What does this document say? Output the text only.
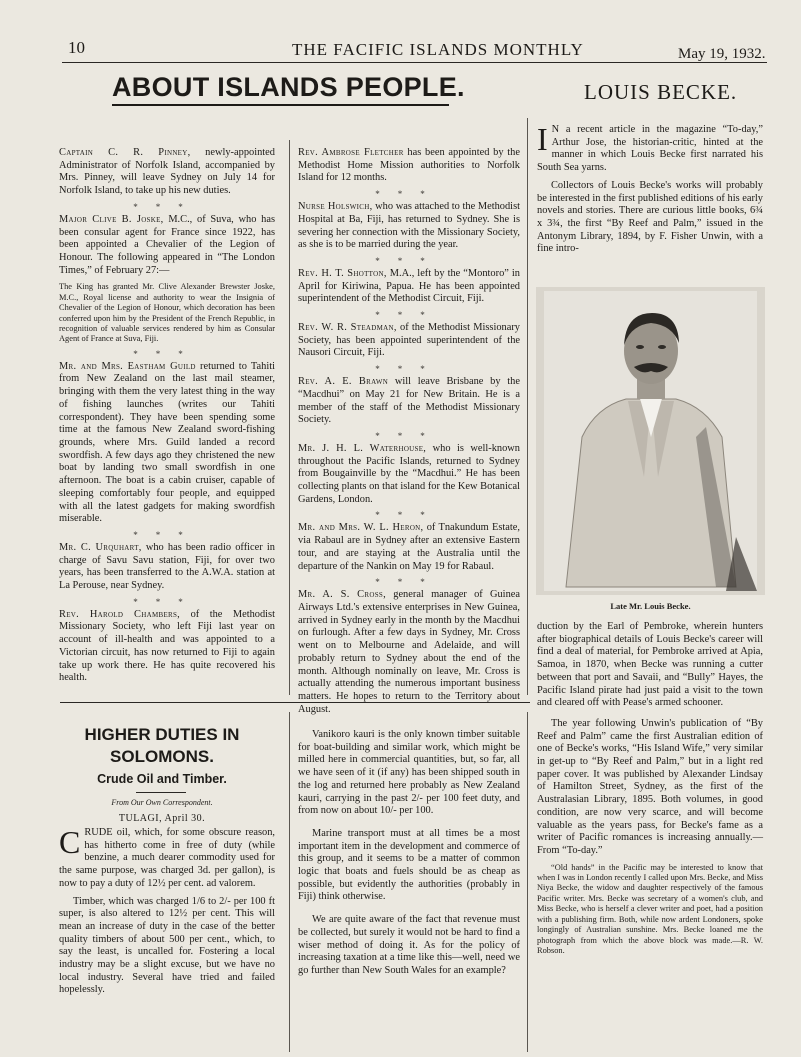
10	THE FACIFIC ISLANDS MONTHLY	May 19, 1932.
ABOUT ISLANDS PEOPLE.	LOUIS BECKE.

Captain C. R. Pinney, newly-appointed Administrator of Norfolk Island, accompanied by Mrs. Pinney, will leave Sydney on July 14 for Norfolk Island, to take up his new duties.

***

Major Clive B. Joske, M.C., of Suva, who has been consular agent for France since 1922, has been appointed a Chevalier of the Legion of Honour. The following appeared in “The London Times,” of February 27:—

The King has granted Mr. Clive Alexander Brewster Joske, M.C., Royal license and authority to wear the Insignia of Chevalier of the Legion of Honour, which decoration has been conferred upon him by the President of the French Republic, in recognition of valuable services rendered by him as Consular Agent of France at Suva, Fiji.

***

Mr. and Mrs. Eastham Guild returned to Tahiti from New Zealand on the last mail steamer, bringing with them the very latest thing in the way of fishing launches (writes our Tahiti correspondent). They have been spending some time at the famous New Zealand sword-fishing grounds, where Mrs. Guild landed a record swordfish. A few days ago they christened the new boat by landing two small swordfish in one afternoon. The boat is a cabin cruiser, capable of sleeping comfortably four people, and equipped with all the latest gadgets for making swordfish miserable.

***

Mr. C. Urquhart, who has been radio officer in charge of Savu Savu station, Fiji, for over two years, has been transferred to the A.W.A. station at La Perouse, near Sydney.

***

Rev. Harold Chambers, of the Methodist Missionary Society, who left Fiji last year on account of ill-health and was appointed to a Victorian circuit, has now returned to Fiji to again take up work there. He has quite recovered his health.

Rev. Ambrose Fletcher has been appointed by the Methodist Home Mission authorities to Norfolk Island for 12 months.

***

Nurse Holswich, who was attached to the Methodist Hospital at Ba, Fiji, has returned to Sydney. She is severing her connection with the Missionary Society, as she is to be married during the year.

***

Rev. H. T. Shotton, M.A., left by the “Montoro” in April for Kiriwina, Papua. He has been appointed superintendent of the Methodist Circuit, Fiji.

***

Rev. W. R. Steadman, of the Methodist Missionary Society, has been appointed superintendent of the Nausori Circuit, Fiji.

***

Rev. A. E. Brawn will leave Brisbane by the “Macdhui” on May 21 for New Britain. He is a member of the staff of the Methodist Missionary Society.

***

Mr. J. H. L. Waterhouse, who is well-known throughout the Pacific Islands, returned to Sydney from Bougainville by the “Macdhui.” He has been collecting plants on that island for the Kew Botanical Gardens, London.

***

Mr. and Mrs. W. L. Heron, of Tnakundum Estate, via Rabaul are in Sydney after an extensive Eastern tour, and are staying at the Australia until the departure of the Nankin on May 19 for Rabaul.

***

Mr. A. S. Cross, general manager of Guinea Airways Ltd.'s extensive enterprises in New Guinea, arrived in Sydney early in the month by the Macdhui on furlough. After a few days in Sydney, Mr. Cross went on to Melbourne and Adelaide, and will probably return to Sydney about the end of the month. Although nominally on leave, Mr. Cross is actually attending the numerous important business matters. He hopes to return to the Territory about August.

I N a recent article in the magazine “To-day,” Arthur Jose, the historian-critic, hinted at the manner in which Louis Becke first narrated his South Sea yarns.

Collectors of Louis Becke's works will probably be interested in the first published editions of his early novels and stories. There are curious little books, 6¾ x 3¾, the first “By Reef and Palm,” issued in the Antonym Library, 1894, by F. Fisher Unwin, with a fine intro-

Late Mr. Louis Becke.

duction by the Earl of Pembroke, wherein hunters after biographical details of Louis Becke's career will find a deal of material, for Pembroke arrived at Apia, Samoa, in 1870, when Becke was running a cutter between that port and Savaii, and “Bully” Hayes, the Pacific Island pirate had just paid a visit to the town and cleared off with Pease's armed schooner.

The year following Unwin's publication of “By Reef and Palm” came the first Australian edition of one of Becke's works, “His Island Wife,” very similar in get-up to “By Reef and Palm,” but in a light red paper cover. It was published by Alexander Lindsay of Hamilton Street, Sydney, as the first of the Australasian Library, 1895. Both volumes, in good condition, are now very scarce, and will become valuable as the years pass, for Becke's fame as a writer of Pacific romances is increasing annually.—From “To-day.”

“Old hands” in the Pacific may be interested to know that when I was in London recently I called upon Mrs. Becke, and Miss Niya Becke, the widow and daughter respectively of the famous Pacific writer. Mrs. Becke was secretary of a women's club, and Miss Becke, who is herself a clever writer and poet, had a position with a publishing firm. Both, while now ardent Londoners, spoke longingly of Australian sunshine. Mrs. Becke loaned me the photograph from which the above block was made.—R. W. Robson.

HIGHER DUTIES IN SOLOMONS.
Crude Oil and Timber.
From Our Own Correspondent.
TULAGI, April 30.

CRUDE oil, which, for some obscure reason, has hitherto come in free of duty (while benzine, a much dearer commodity used for the same purpose, was charged 3d. per gallon), is now to pay a duty of 12½ per cent. ad valorem.

Timber, which was charged 1/6 to 2/- per 100 ft super, is also altered to 12½ per cent. This will mean an increase of duty in the case of the better quality timbers of about 500 per cent., which, to say the least, is uncalled for. Fostering a local industry may be a slight excuse, but we have no local industry. Several have tried and failed hopelessly.

Vanikoro kauri is the only known timber suitable for boat-building and similar work, which might be milled here in commercial quantities, but, so far, all we have seen of it (if any) has been shipped south in the log and returned here probably as New Zealand kauri, carrying in the past 2/- per 100 feet duty, and from now on about 10/- per 100.

Marine transport must at all times be a most important item in the development and commerce of this group, and it seems to be a matter of common logic that boats and fuels should be as cheap as possible, but evidently the authorities (probably in Fiji) think otherwise.

We are quite aware of the fact that revenue must be collected, but surely it would not be hard to find a wiser method of doing it. As for the policy of increasing taxation at a time like this—well, need we go further than New South Wales for an example?
